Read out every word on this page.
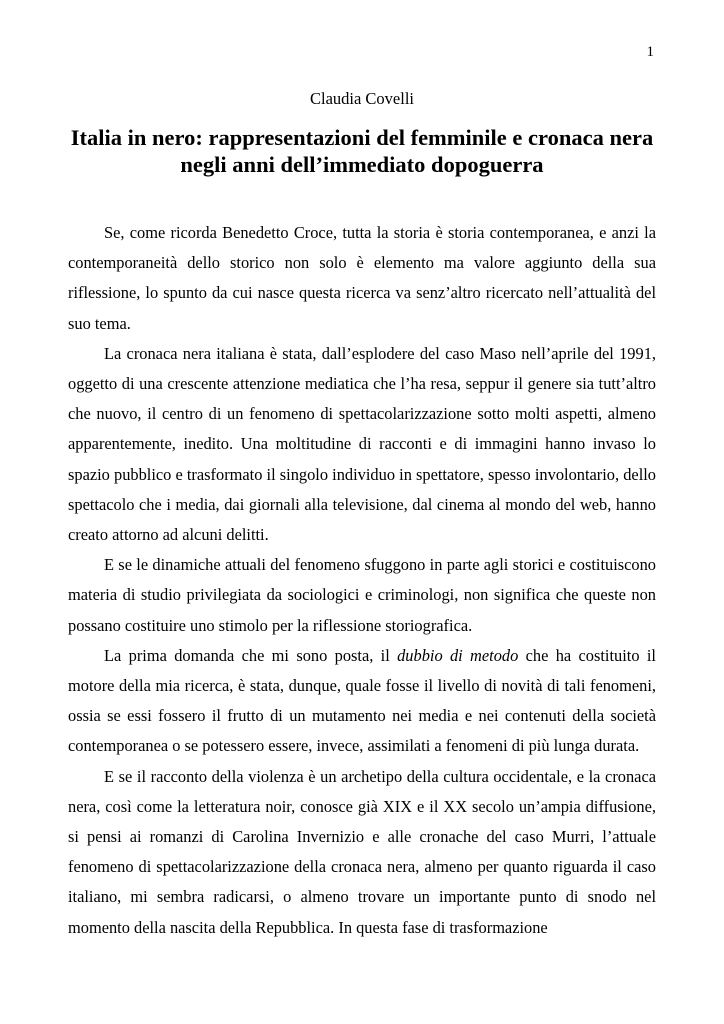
1
Claudia Covelli
Italia in nero: rappresentazioni del femminile e cronaca nera
negli anni dell’immediato dopoguerra

Se, come ricorda Benedetto Croce, tutta la storia è storia contemporanea, e anzi la contemporaneità dello storico non solo è elemento ma valore aggiunto della sua riflessione, lo spunto da cui nasce questa ricerca va senz’altro ricercato nell’attualità del suo tema.

La cronaca nera italiana è stata, dall’esplodere del caso Maso nell’aprile del 1991, oggetto di una crescente attenzione mediatica che l’ha resa, seppur il genere sia tutt’altro che nuovo, il centro di un fenomeno di spettacolarizzazione sotto molti aspetti, almeno apparentemente, inedito. Una moltitudine di racconti e di immagini hanno invaso lo spazio pubblico e trasformato il singolo individuo in spettatore, spesso involontario, dello spettacolo che i media, dai giornali alla televisione, dal cinema al mondo del web, hanno creato attorno ad alcuni delitti.

E se le dinamiche attuali del fenomeno sfuggono in parte agli storici e costituiscono materia di studio privilegiata da sociologici e criminologi, non significa che queste non possano costituire uno stimolo per la riflessione storiografica.

La prima domanda che mi sono posta, il dubbio di metodo che ha costituito il motore della mia ricerca, è stata, dunque, quale fosse il livello di novità di tali fenomeni, ossia se essi fossero il frutto di un mutamento nei media e nei contenuti della società contemporanea o se potessero essere, invece, assimilati a fenomeni di più lunga durata.

E se il racconto della violenza è un archetipo della cultura occidentale, e la cronaca nera, così come la letteratura noir, conosce già XIX e il XX secolo un’ampia diffusione, si pensi ai romanzi di Carolina Invernizio e alle cronache del caso Murri, l’attuale fenomeno di spettacolarizzazione della cronaca nera, almeno per quanto riguarda il caso italiano, mi sembra radicarsi, o almeno trovare un importante punto di snodo nel momento della nascita della Repubblica. In questa fase di trasformazione
